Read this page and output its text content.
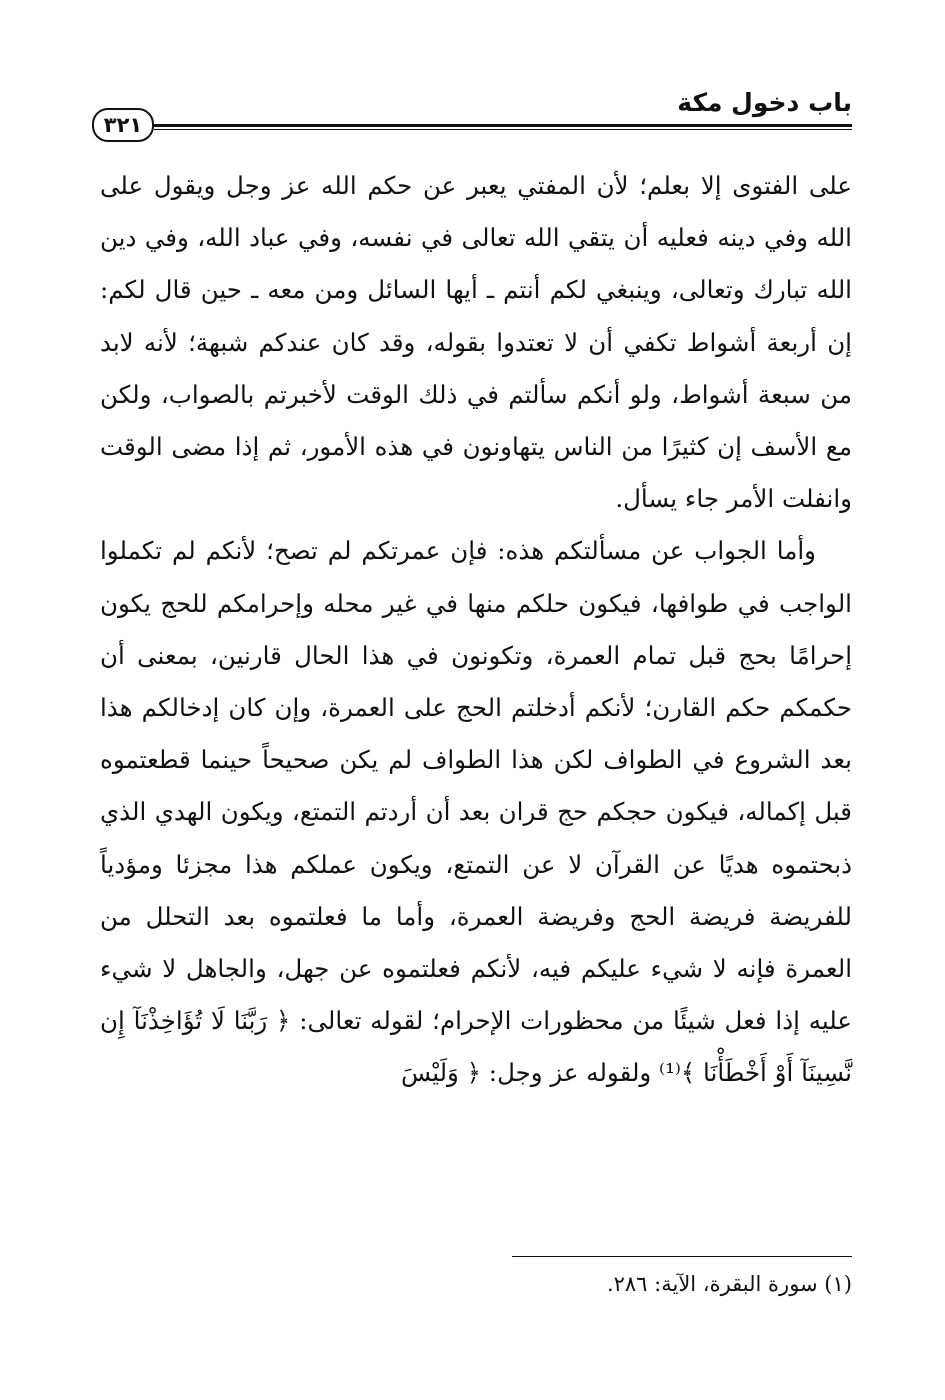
باب دخول مكة
٣٢١

على الفتوى إلا بعلم؛ لأن المفتي يعبر عن حكم الله عز وجل ويقول على الله وفي دينه فعليه أن يتقي الله تعالى في نفسه، وفي عباد الله، وفي دين الله تبارك وتعالى، وينبغي لكم أنتم ـ أيها السائل ومن معه ـ حين قال لكم: إن أربعة أشواط تكفي أن لا تعتدوا بقوله، وقد كان عندكم شبهة؛ لأنه لابد من سبعة أشواط، ولو أنكم سألتم في ذلك الوقت لأخبرتم بالصواب، ولكن مع الأسف إن كثيرًا من الناس يتهاونون في هذه الأمور، ثم إذا مضى الوقت وانفلت الأمر جاء يسأل.

وأما الجواب عن مسألتكم هذه: فإن عمرتكم لم تصح؛ لأنكم لم تكملوا الواجب في طوافها، فيكون حلكم منها في غير محله وإحرامكم للحج يكون إحرامًا بحج قبل تمام العمرة، وتكونون في هذا الحال قارنين، بمعنى أن حكمكم حكم القارن؛ لأنكم أدخلتم الحج على العمرة، وإن كان إدخالكم هذا بعد الشروع في الطواف لكن هذا الطواف لم يكن صحيحاً حينما قطعتموه قبل إكماله، فيكون حجكم حج قران بعد أن أردتم التمتع، ويكون الهدي الذي ذبحتموه هديًا عن القرآن لا عن التمتع، ويكون عملكم هذا مجزئا ومؤدياً للفريضة فريضة الحج وفريضة العمرة، وأما ما فعلتموه بعد التحلل من العمرة فإنه لا شيء عليكم فيه، لأنكم فعلتموه عن جهل، والجاهل لا شيء عليه إذا فعل شيئًا من محظورات الإحرام؛ لقوله تعالى: ﴿ رَبَّنَا لَا تُؤَاخِذْنَآ إِن نَّسِينَآ أَوْ أَخْطَأْنَا ﴾⁽¹⁾ ولقوله عز وجل: ﴿ وَلَيْسَ

(١) سورة البقرة، الآية: ٢٨٦.
